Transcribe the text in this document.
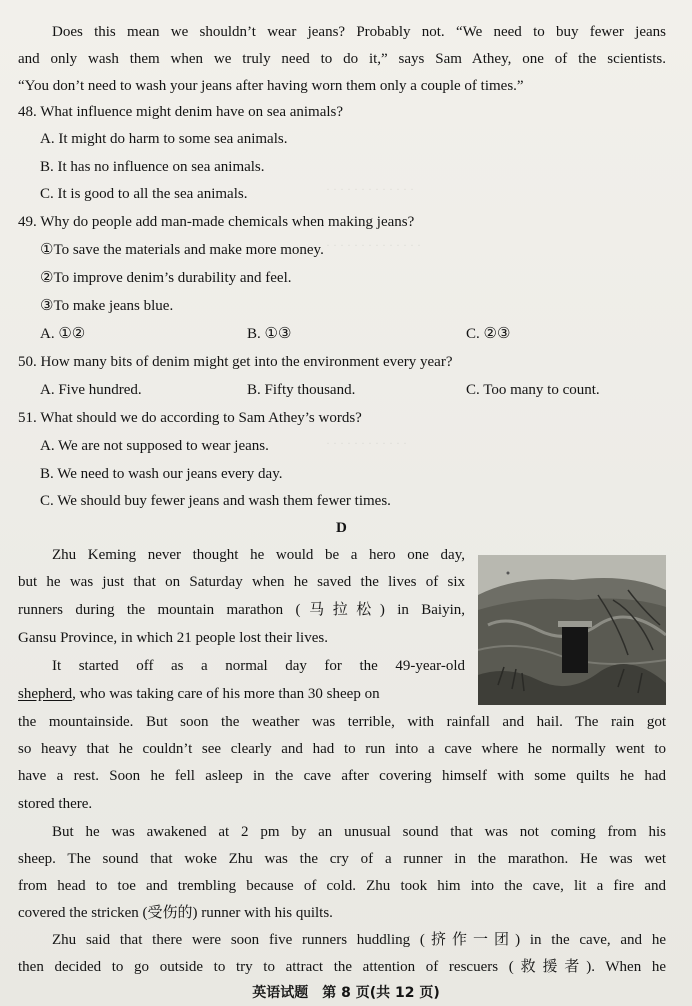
· · · · · · · · · · · · ·
· · · · · · · · · · · · · ·
· · · · · · · · · · · ·
Does this mean we shouldn’t wear jeans? Probably not. “We need to buy fewer jeans
and only wash them when we truly need to do it,” says Sam Athey, one of the scientists.
“You don’t need to wash your jeans after having worn them only a couple of times.”
48. What influence might denim have on sea animals?
A. It might do harm to some sea animals.
B. It has no influence on sea animals.
C. It is good to all the sea animals.
49. Why do people add man-made chemicals when making jeans?
①To save the materials and make more money.
②To improve denim’s durability and feel.
③To make jeans blue.
A. ①②	B. ①③	C. ②③
50. How many bits of denim might get into the environment every year?
A. Five hundred.	B. Fifty thousand.	C. Too many to count.
51. What should we do according to Sam Athey’s words?
A. We are not supposed to wear jeans.
B. We need to wash our jeans every day.
C. We should buy fewer jeans and wash them fewer times.
D
Zhu Keming never thought he would be a hero one day,
but he was just that on Saturday when he saved the lives of six
runners during the mountain marathon (马拉松) in Baiyin,
Gansu Province, in which 21 people lost their lives.
It started off as a normal day for the 49-year-old
shepherd, who was taking care of his more than 30 sheep on
the mountainside. But soon the weather was terrible, with rainfall and hail. The rain got
so heavy that he couldn’t see clearly and had to run into a cave where he normally went to
have a rest. Soon he fell asleep in the cave after covering himself with some quilts he had
stored there.
But he was awakened at 2 pm by an unusual sound that was not coming from his
sheep. The sound that woke Zhu was the cry of a runner in the marathon. He was wet
from head to toe and trembling because of cold. Zhu took him into the cave, lit a fire and
covered the stricken (受伤的) runner with his quilts.
Zhu said that there were soon five runners huddling (挤作一团) in the cave, and he
then decided to go outside to try to attract the attention of rescuers (救援者). When he
英语试题　第 8 页(共 12 页)
